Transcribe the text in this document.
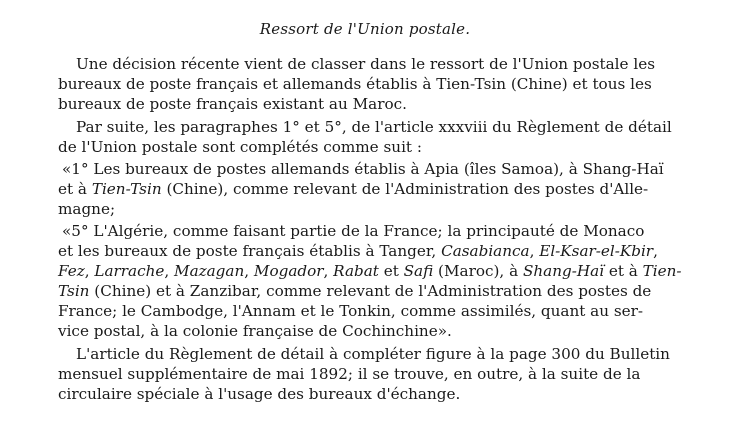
Ressort de l'Union postale.
Une décision récente vient de classer dans le ressort de l'Union postale les
bureaux de poste français et allemands établis à Tien-Tsin (Chine) et tous les
bureaux de poste français existant au Maroc.
Par suite, les paragraphes 1° et 5°, de l'article xxxviii du Règlement de détail
de l'Union postale sont complétés comme suit :
«1° Les bureaux de postes allemands établis à Apia (îles Samoa), à Shang-Haï
et à Tien-Tsin (Chine), comme relevant de l'Administration des postes d'Alle-
magne;
«5° L'Algérie, comme faisant partie de la France; la principauté de Monaco
et les bureaux de poste français établis à Tanger, Casabianca, El-Ksar-el-Kbir,
Fez, Larrache, Mazagan, Mogador, Rabat et Safi (Maroc), à Shang-Haï et à Tien-
Tsin (Chine) et à Zanzibar, comme relevant de l'Administration des postes de
France; le Cambodge, l'Annam et le Tonkin, comme assimilés, quant au ser-
vice postal, à la colonie française de Cochinchine».
L'article du Règlement de détail à compléter figure à la page 300 du Bulletin
mensuel supplémentaire de mai 1892; il se trouve, en outre, à la suite de la
circulaire spéciale à l'usage des bureaux d'échange.
